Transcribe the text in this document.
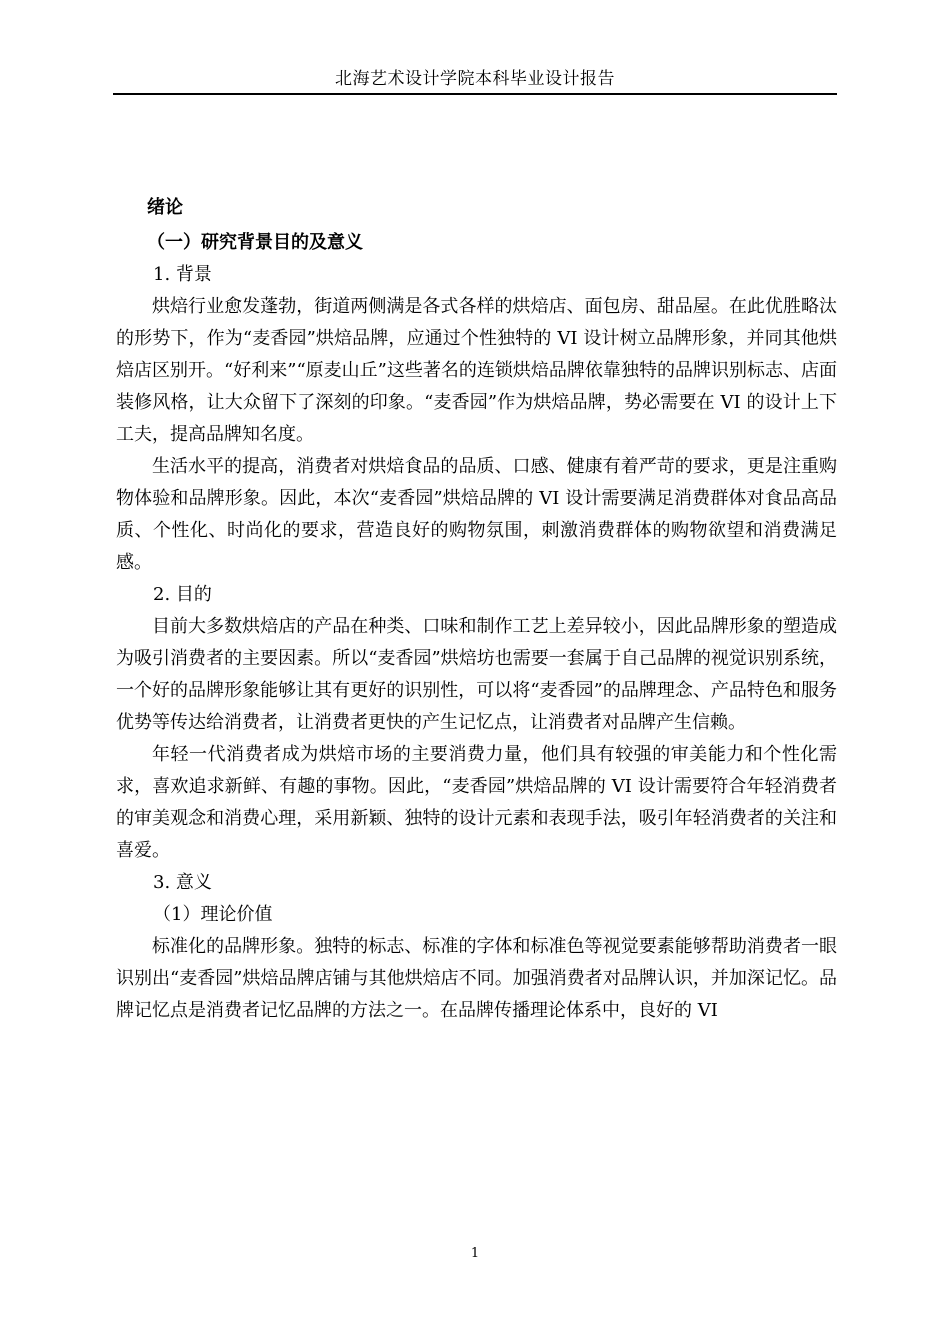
北海艺术设计学院本科毕业设计报告
绪论
（一）研究背景目的及意义

1. 背景

烘焙行业愈发蓬勃，街道两侧满是各式各样的烘焙店、面包房、甜品屋。在此优胜略汰的形势下，作为“麦香园”烘焙品牌，应通过个性独特的 VI 设计树立品牌形象，并同其他烘焙店区别开。“好利来”“原麦山丘”这些著名的连锁烘焙品牌依靠独特的品牌识别标志、店面装修风格，让大众留下了深刻的印象。“麦香园”作为烘焙品牌，势必需要在 VI 的设计上下工夫，提高品牌知名度。

生活水平的提高，消费者对烘焙食品的品质、口感、健康有着严苛的要求，更是注重购物体验和品牌形象。因此，本次“麦香园”烘焙品牌的 VI 设计需要满足消费群体对食品高品质、个性化、时尚化的要求，营造良好的购物氛围，刺激消费群体的购物欲望和消费满足感。

2. 目的

目前大多数烘焙店的产品在种类、口味和制作工艺上差异较小，因此品牌形象的塑造成为吸引消费者的主要因素。所以“麦香园”烘焙坊也需要一套属于自己品牌的视觉识别系统，一个好的品牌形象能够让其有更好的识别性，可以将“麦香园”的品牌理念、产品特色和服务优势等传达给消费者，让消费者更快的产生记忆点，让消费者对品牌产生信赖。

年轻一代消费者成为烘焙市场的主要消费力量，他们具有较强的审美能力和个性化需求，喜欢追求新鲜、有趣的事物。因此，“麦香园”烘焙品牌的 VI 设计需要符合年轻消费者的审美观念和消费心理，采用新颖、独特的设计元素和表现手法，吸引年轻消费者的关注和喜爱。

3. 意义

（1）理论价值

标准化的品牌形象。独特的标志、标准的字体和标准色等视觉要素能够帮助消费者一眼识别出“麦香园”烘焙品牌店铺与其他烘焙店不同。加强消费者对品牌认识，并加深记忆。品牌记忆点是消费者记忆品牌的方法之一。在品牌传播理论体系中，良好的 VI

1
